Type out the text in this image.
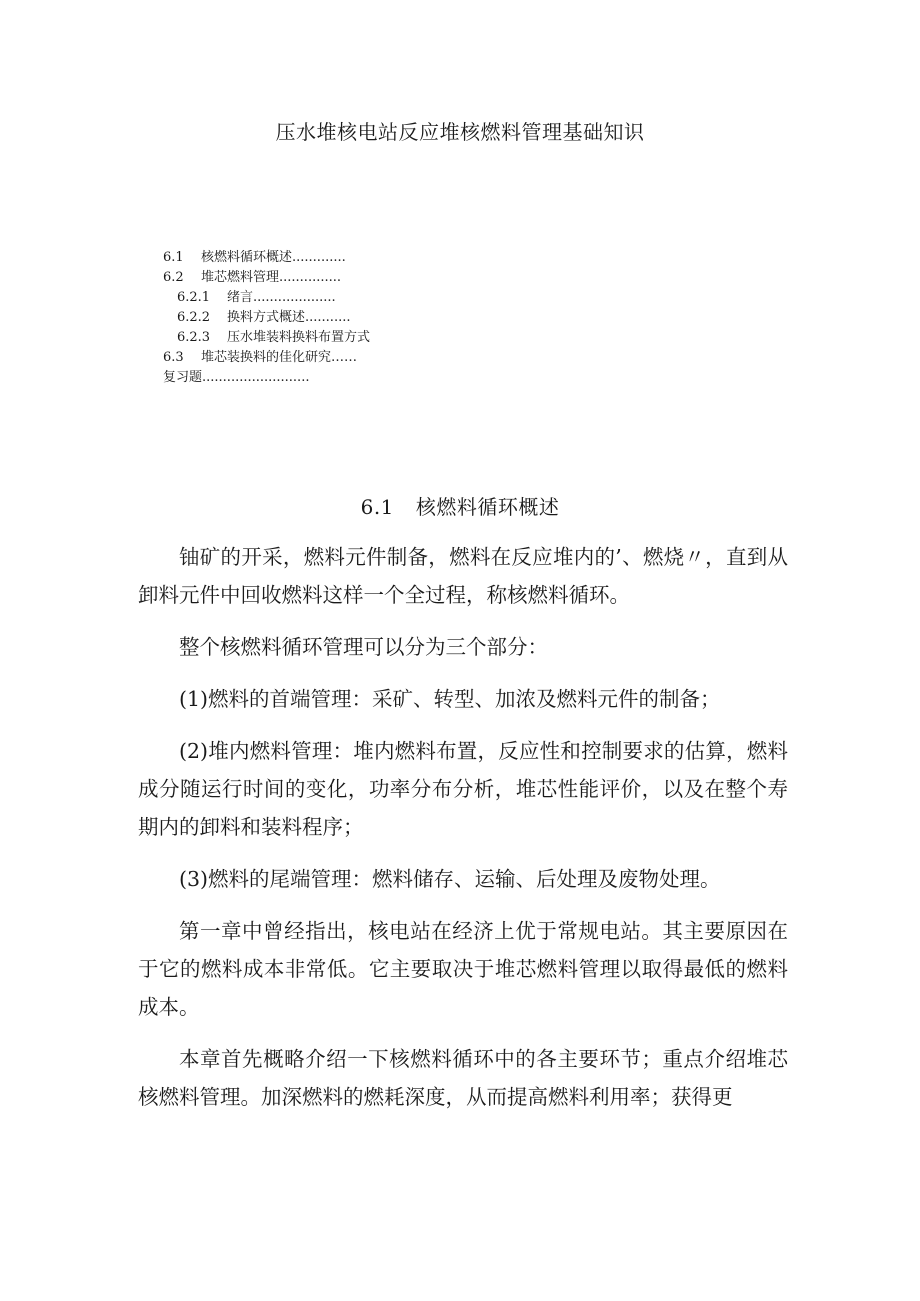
压水堆核电站反应堆核燃料管理基础知识
6.1 核燃料循环概述.............
6.2 堆芯燃料管理...............
6.2.1 绪言....................
6.2.2 换料方式概述...........
6.2.3 压水堆装料换料布置方式
6.3 堆芯装换料的佳化研究……
复习题..........................
6.1 核燃料循环概述

铀矿的开采，燃料元件制备，燃料在反应堆内的’、燃烧〃，直到从卸料元件中回收燃料这样一个全过程，称核燃料循环。

整个核燃料循环管理可以分为三个部分：

(1)燃料的首端管理：采矿、转型、加浓及燃料元件的制备；

(2)堆内燃料管理：堆内燃料布置，反应性和控制要求的估算，燃料成分随运行时间的变化，功率分布分析，堆芯性能评价，以及在整个寿期内的卸料和装料程序；

(3)燃料的尾端管理：燃料储存、运输、后处理及废物处理。

第一章中曾经指出，核电站在经济上优于常规电站。其主要原因在于它的燃料成本非常低。它主要取决于堆芯燃料管理以取得最低的燃料成本。

本章首先概略介绍一下核燃料循环中的各主要环节；重点介绍堆芯核燃料管理。加深燃料的燃耗深度，从而提高燃料利用率；获得更
